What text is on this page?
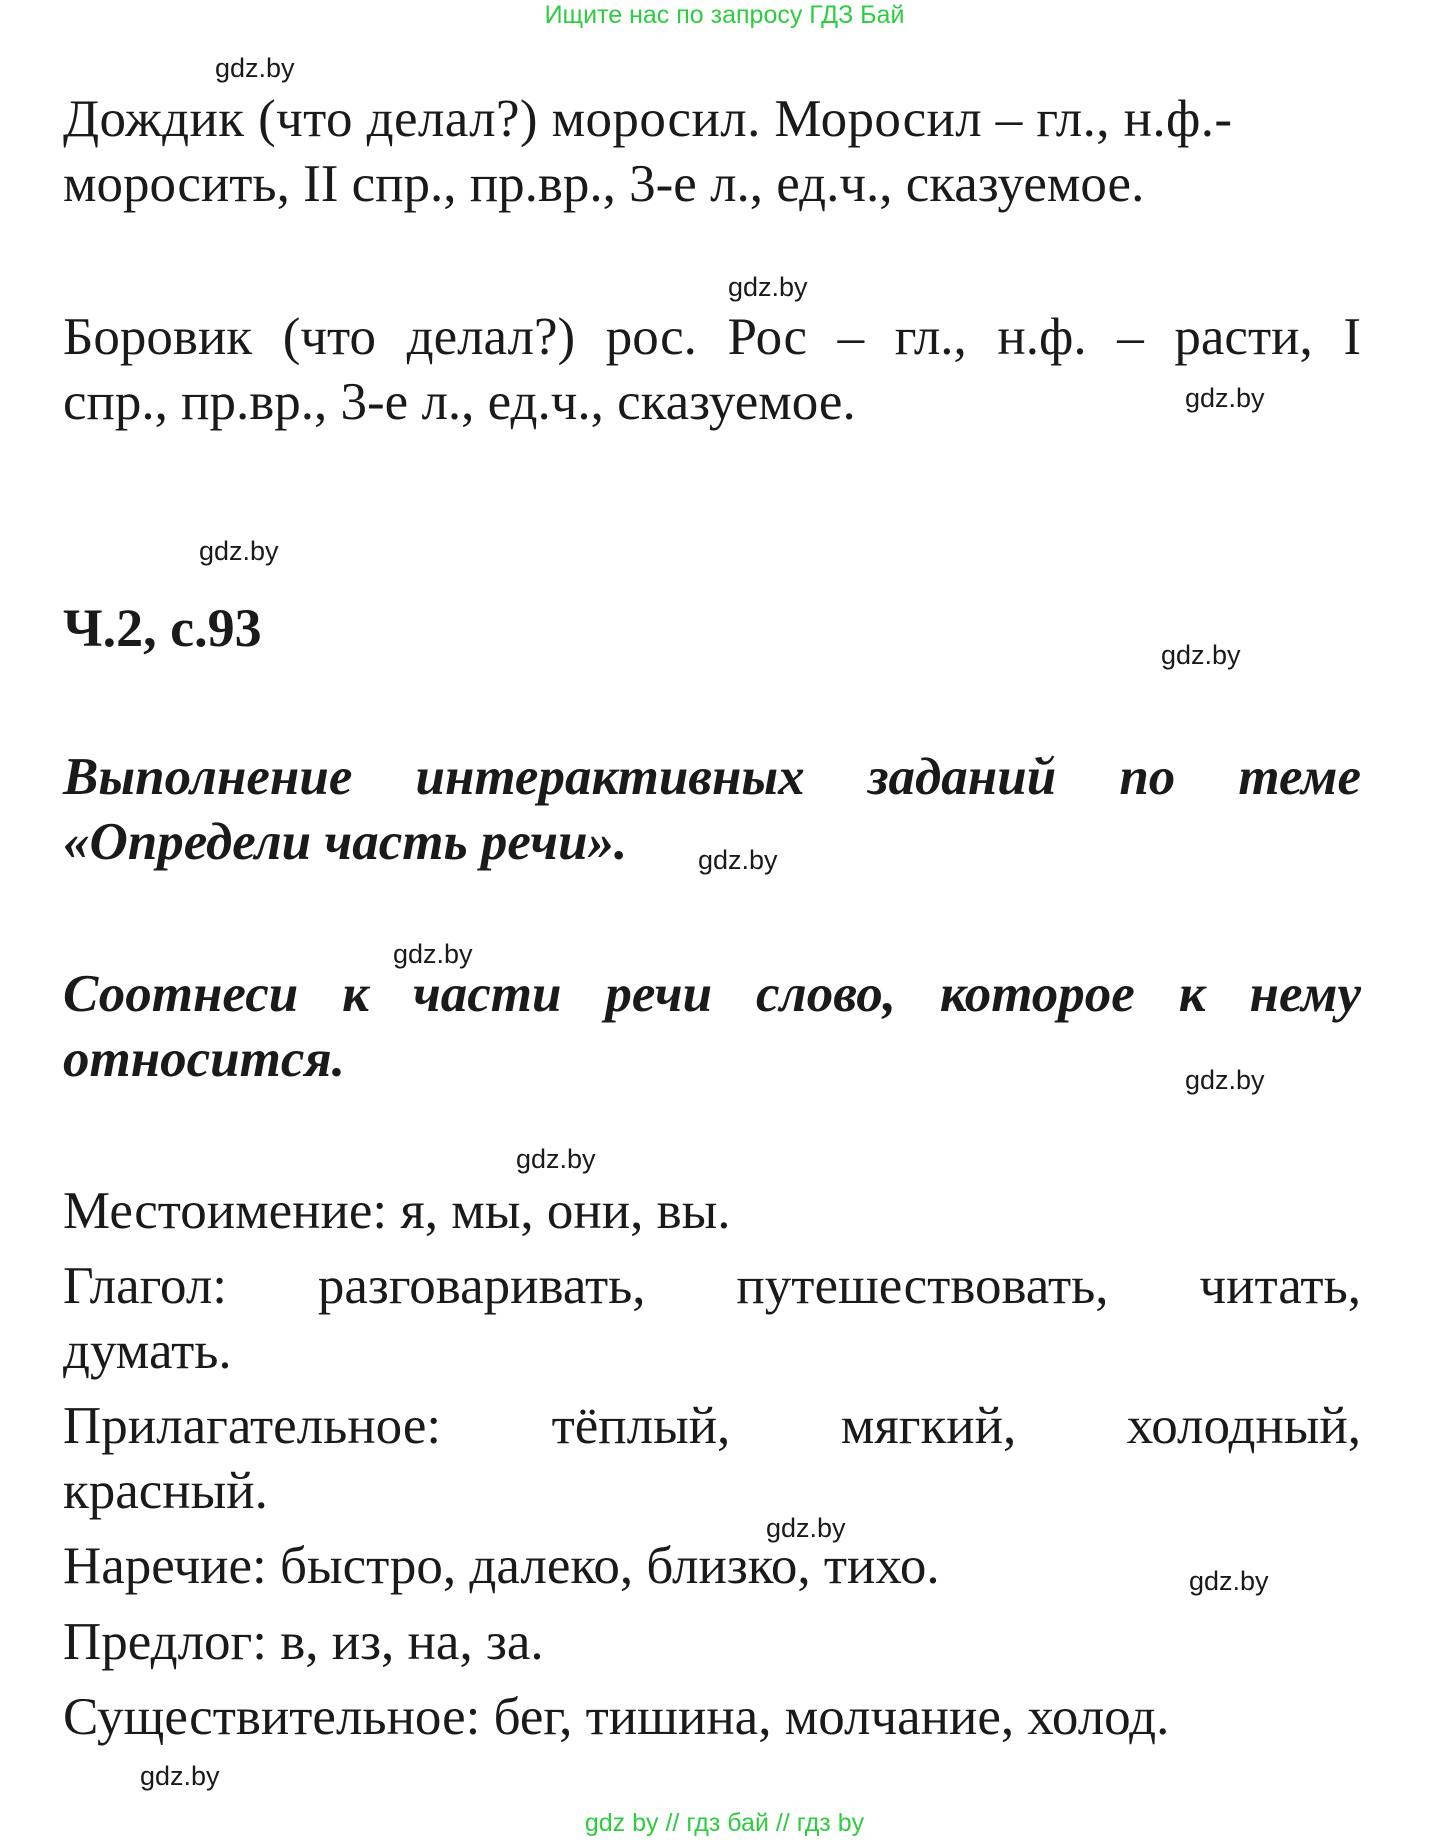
Ищите нас по запросу ГДЗ Бай
gdz.by
gdz.by
gdz.by
gdz.by
gdz.by
gdz.by
gdz.by
gdz.by
gdz.by
gdz.by
gdz.by
gdz.by
Дождик (что делал?) моросил. Моросил – гл., н.ф.-
моросить, II спр., пр.вр., 3-е л., ед.ч., сказуемое.
Боровик (что делал?) рос. Рос – гл., н.ф. – расти, I
спр., пр.вр., 3-е л., ед.ч., сказуемое.
Ч.2, с.93
Выполнение интерактивных заданий по теме
«Определи часть речи».
Соотнеси к части речи слово, которое к нему
относится.
Местоимение: я, мы, они, вы.
Глагол: разговаривать, путешествовать, читать,
думать.
Прилагательное: тёплый, мягкий, холодный,
красный.
Наречие: быстро, далеко, близко, тихо.
Предлог: в, из, на, за.
Существительное: бег, тишина, молчание, холод.
gdz by // гдз бай // гдз by
